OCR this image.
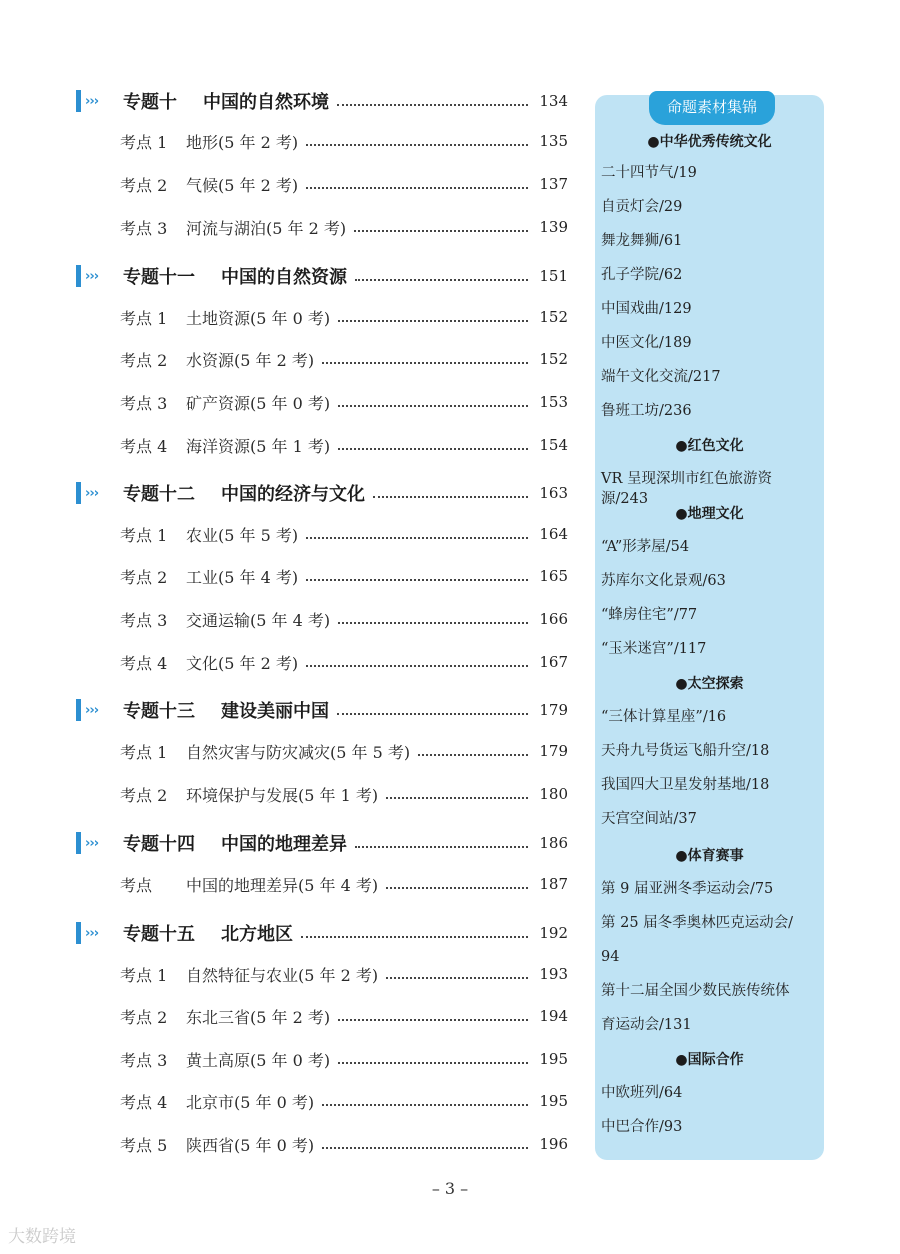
›››	专题十 中国的自然环境	134
考点 1	地形(5 年 2 考)	135
考点 2	气候(5 年 2 考)	137
考点 3	河流与湖泊(5 年 2 考)	139
›››	专题十一 中国的自然资源	151
考点 1	土地资源(5 年 0 考)	152
考点 2	水资源(5 年 2 考)	152
考点 3	矿产资源(5 年 0 考)	153
考点 4	海洋资源(5 年 1 考)	154
›››	专题十二 中国的经济与文化	163
考点 1	农业(5 年 5 考)	164
考点 2	工业(5 年 4 考)	165
考点 3	交通运输(5 年 4 考)	166
考点 4	文化(5 年 2 考)	167
›››	专题十三 建设美丽中国	179
考点 1	自然灾害与防灾减灾(5 年 5 考)	179
考点 2	环境保护与发展(5 年 1 考)	180
›››	专题十四 中国的地理差异	186
考点	中国的地理差异(5 年 4 考)	187
›››	专题十五 北方地区	192
考点 1	自然特征与农业(5 年 2 考)	193
考点 2	东北三省(5 年 2 考)	194
考点 3	黄土高原(5 年 0 考)	195
考点 4	北京市(5 年 0 考)	195
考点 5	陕西省(5 年 0 考)	196
命题素材集锦
●中华优秀传统文化
二十四节气/19
自贡灯会/29
舞龙舞狮/61
孔子学院/62
中国戏曲/129
中医文化/189
端午文化交流/217
鲁班工坊/236
●红色文化
VR 呈现深圳市红色旅游资源/243
●地理文化
“A”形茅屋/54
苏库尔文化景观/63
“蜂房住宅”/77
“玉米迷宫”/117
●太空探索
“三体计算星座”/16
天舟九号货运飞船升空/18
我国四大卫星发射基地/18
天宫空间站/37
●体育赛事
第 9 届亚洲冬季运动会/75
第 25 届冬季奥林匹克运动会/
94
第十二届全国少数民族传统体
育运动会/131
●国际合作
中欧班列/64
中巴合作/93
– 3 –
大数跨境
